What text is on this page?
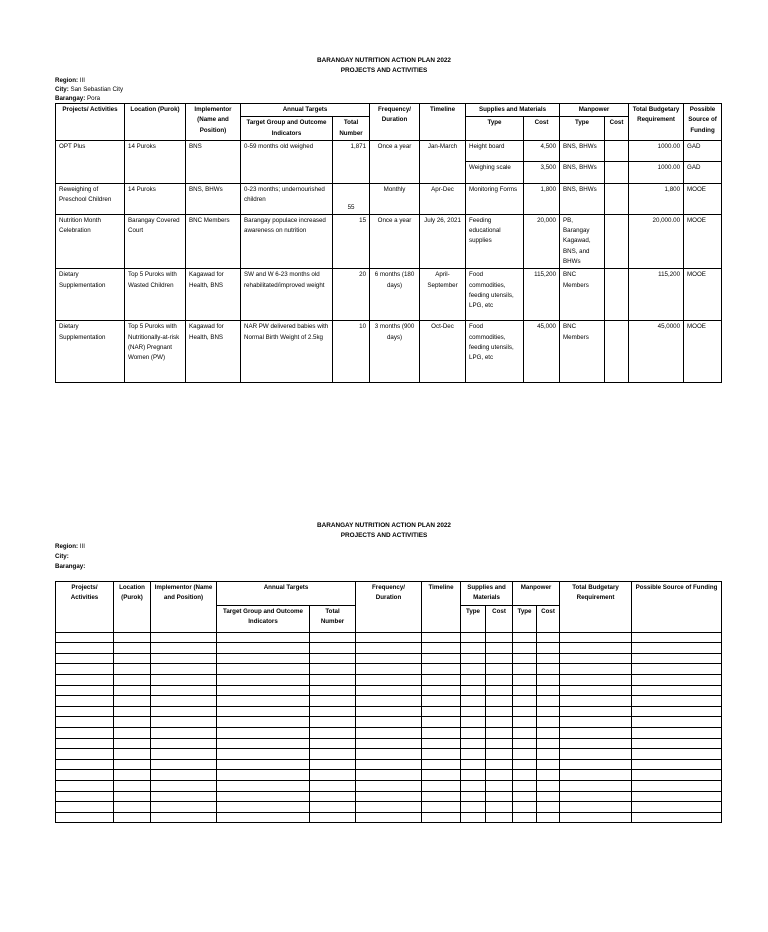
BARANGAY NUTRITION ACTION PLAN 2022
PROJECTS AND ACTIVITIES
Region: III
City: San Sebastian City
Barangay: Pora
Projects/ Activities	Location (Purok)	Implementor (Name and Position)	Annual Targets		Frequency/ Duration	Timeline	Supplies and Materials		Manpower		Total Budgetary Requirement	Possible Source of Funding
			Target Group and Outcome Indicators	Total Number			Type	Cost	Type	Cost		
OPT Plus	14 Puroks	BNS	0-59 months old weighed	1,871	Once a year	Jan-March	Height board	4,500	BNS, BHWs		1000.00	GAD
							Weighing scale	3,500	BNS, BHWs		1000.00	GAD
Reweighing of Preschool Children	14 Puroks	BNS, BHWs	0-23 months; undernourished children	55	Monthly	Apr-Dec	Monitoring Forms	1,800	BNS, BHWs		1,800	MOOE
Nutrition Month Celebration	Barangay Covered Court	BNC Members	Barangay populace increased awareness on nutrition	15	Once a year	July 26, 2021	Feeding educational supplies	20,000	PB, Barangay Kagawad, BNS, and BHWs		20,000.00	MOOE
Dietary Supplementation	Top 5 Puroks with Wasted Children	Kagawad for Health, BNS	SW and W 6-23 months old rehabilitated/improved weight	20	6 months (180 days)	April-September	Food commodities, feeding utensils, LPG, etc	115,200	BNC Members		115,200	MOOE
Dietary Supplementation	Top 5 Puroks with Nutritionally-at-risk (NAR) Pregnant Women (PW)	Kagawad for Health, BNS	NAR PW delivered babies with Normal Birth Weight of 2.5kg	10	3 months (900 days)	Oct-Dec	Food commodities, feeding utensils, LPG, etc	45,000	BNC Members		45,0000	MOOE
BARANGAY NUTRITION ACTION PLAN 2022
PROJECTS AND ACTIVITIES
Region: III
City:
Barangay:
Projects/ Activities	Location (Purok)	Implementor (Name and Position)	Annual Targets		Frequency/ Duration	Timeline	Supplies and Materials		Manpower		Total Budgetary Requirement	Possible Source of Funding
			Target Group and Outcome Indicators	Total Number			Type	Cost	Type	Cost		
